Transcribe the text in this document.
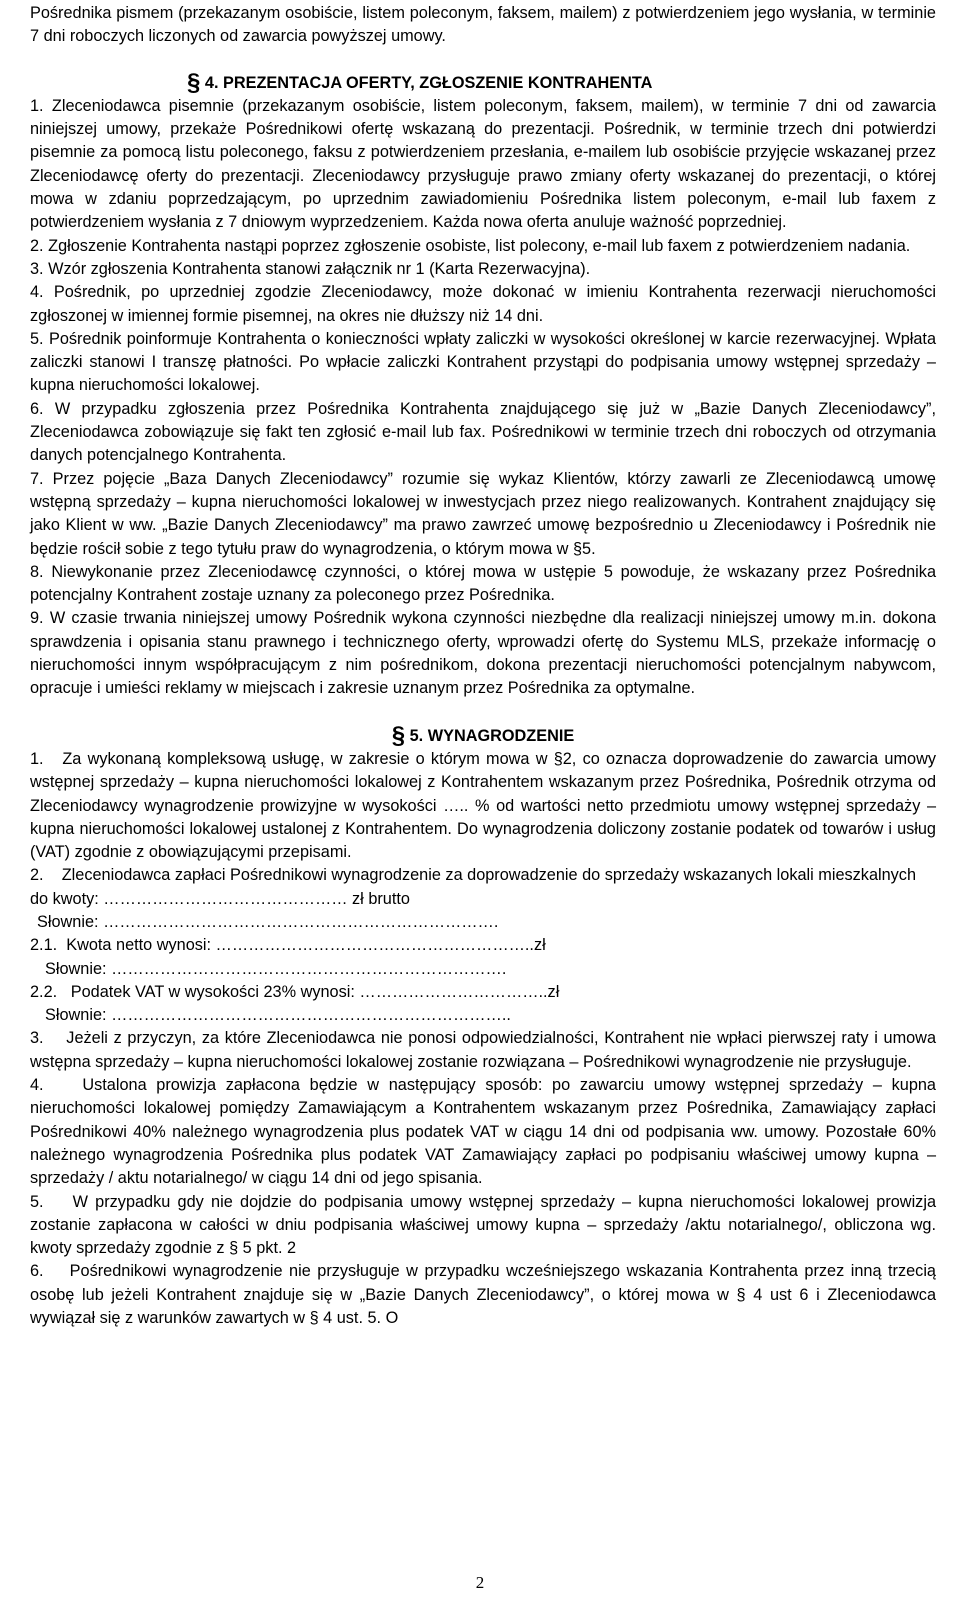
Pośrednika pismem (przekazanym osobiście, listem poleconym, faksem, mailem) z potwierdzeniem jego wysłania, w terminie 7 dni roboczych liczonych od zawarcia powyższej umowy.

§ 4. PREZENTACJA OFERTY, ZGŁOSZENIE KONTRAHENTA

1. Zleceniodawca pisemnie (przekazanym osobiście, listem poleconym, faksem, mailem), w terminie 7 dni od zawarcia niniejszej umowy, przekaże Pośrednikowi ofertę wskazaną do prezentacji. Pośrednik, w terminie trzech dni potwierdzi pisemnie za pomocą listu poleconego, faksu z potwierdzeniem przesłania, e-mailem lub osobiście przyjęcie wskazanej przez Zleceniodawcę oferty do prezentacji. Zleceniodawcy przysługuje prawo zmiany oferty wskazanej do prezentacji, o której mowa w zdaniu poprzedzającym, po uprzednim zawiadomieniu Pośrednika listem poleconym, e-mail lub faxem z potwierdzeniem wysłania z 7 dniowym wyprzedzeniem. Każda nowa oferta anuluje ważność poprzedniej.

2. Zgłoszenie Kontrahenta nastąpi poprzez zgłoszenie osobiste, list polecony, e-mail lub faxem z potwierdzeniem nadania.

3. Wzór zgłoszenia Kontrahenta stanowi załącznik nr 1 (Karta Rezerwacyjna).

4. Pośrednik, po uprzedniej zgodzie Zleceniodawcy, może dokonać w imieniu Kontrahenta rezerwacji nieruchomości zgłoszonej w imiennej formie pisemnej, na okres nie dłuższy niż 14 dni.

5. Pośrednik poinformuje Kontrahenta o konieczności wpłaty zaliczki w wysokości określonej w karcie rezerwacyjnej. Wpłata zaliczki stanowi I transzę płatności. Po wpłacie zaliczki Kontrahent przystąpi do podpisania umowy wstępnej sprzedaży – kupna nieruchomości lokalowej.

6. W przypadku zgłoszenia przez Pośrednika Kontrahenta znajdującego się już w „Bazie Danych Zleceniodawcy”, Zleceniodawca zobowiązuje się fakt ten zgłosić e-mail lub fax. Pośrednikowi w terminie trzech dni roboczych od otrzymania danych potencjalnego Kontrahenta.

7. Przez pojęcie „Baza Danych Zleceniodawcy” rozumie się wykaz Klientów, którzy zawarli ze Zleceniodawcą umowę wstępną sprzedaży – kupna nieruchomości lokalowej w inwestycjach przez niego realizowanych. Kontrahent znajdujący się jako Klient w ww. „Bazie Danych Zleceniodawcy” ma prawo zawrzeć umowę bezpośrednio u Zleceniodawcy i Pośrednik nie będzie rościł sobie z tego tytułu praw do wynagrodzenia, o którym mowa w §5.

8. Niewykonanie przez Zleceniodawcę czynności, o której mowa w ustępie 5 powoduje, że wskazany przez Pośrednika potencjalny Kontrahent zostaje uznany za poleconego przez Pośrednika.

9. W czasie trwania niniejszej umowy Pośrednik wykona czynności niezbędne dla realizacji niniejszej umowy m.in. dokona sprawdzenia i opisania stanu prawnego i technicznego oferty, wprowadzi ofertę do Systemu MLS, przekaże informację o nieruchomości innym współpracującym z nim pośrednikom, dokona prezentacji nieruchomości potencjalnym nabywcom, opracuje i umieści reklamy w miejscach i zakresie uznanym przez Pośrednika za optymalne.

§ 5. WYNAGRODZENIE

1. Za wykonaną kompleksową usługę, w zakresie o którym mowa w §2, co oznacza doprowadzenie do zawarcia umowy wstępnej sprzedaży – kupna nieruchomości lokalowej z Kontrahentem wskazanym przez Pośrednika, Pośrednik otrzyma od Zleceniodawcy wynagrodzenie prowizyjne w wysokości ….. % od wartości netto przedmiotu umowy wstępnej sprzedaży – kupna nieruchomości lokalowej ustalonej z Kontrahentem. Do wynagrodzenia doliczony zostanie podatek od towarów i usług (VAT) zgodnie z obowiązującymi przepisami.

2. Zleceniodawca zapłaci Pośrednikowi wynagrodzenie za doprowadzenie do sprzedaży wskazanych lokali mieszkalnych do kwoty: ……………………………………… zł brutto

Słownie: ……………………………………………………………….

2.1. Kwota netto wynosi: …………………………………………………..zł

Słownie: ……………………………………………………………….

2.2. Podatek VAT w wysokości 23% wynosi: ……………………………..zł

Słownie: ………………………………………………………………..

3. Jeżeli z przyczyn, za które Zleceniodawca nie ponosi odpowiedzialności, Kontrahent nie wpłaci pierwszej raty i umowa wstępna sprzedaży – kupna nieruchomości lokalowej zostanie rozwiązana – Pośrednikowi wynagrodzenie nie przysługuje.

4. Ustalona prowizja zapłacona będzie w następujący sposób: po zawarciu umowy wstępnej sprzedaży – kupna nieruchomości lokalowej pomiędzy Zamawiającym a Kontrahentem wskazanym przez Pośrednika, Zamawiający zapłaci Pośrednikowi 40% należnego wynagrodzenia plus podatek VAT w ciągu 14 dni od podpisania ww. umowy. Pozostałe 60% należnego wynagrodzenia Pośrednika plus podatek VAT Zamawiający zapłaci po podpisaniu właściwej umowy kupna – sprzedaży / aktu notarialnego/ w ciągu 14 dni od jego spisania.

5. W przypadku gdy nie dojdzie do podpisania umowy wstępnej sprzedaży – kupna nieruchomości lokalowej prowizja zostanie zapłacona w całości w dniu podpisania właściwej umowy kupna – sprzedaży /aktu notarialnego/, obliczona wg. kwoty sprzedaży zgodnie z § 5 pkt. 2

6. Pośrednikowi wynagrodzenie nie przysługuje w przypadku wcześniejszego wskazania Kontrahenta przez inną trzecią osobę lub jeżeli Kontrahent znajduje się w „Bazie Danych Zleceniodawcy”, o której mowa w § 4 ust 6 i Zleceniodawca wywiązał się z warunków zawartych w § 4 ust. 5. O

2
